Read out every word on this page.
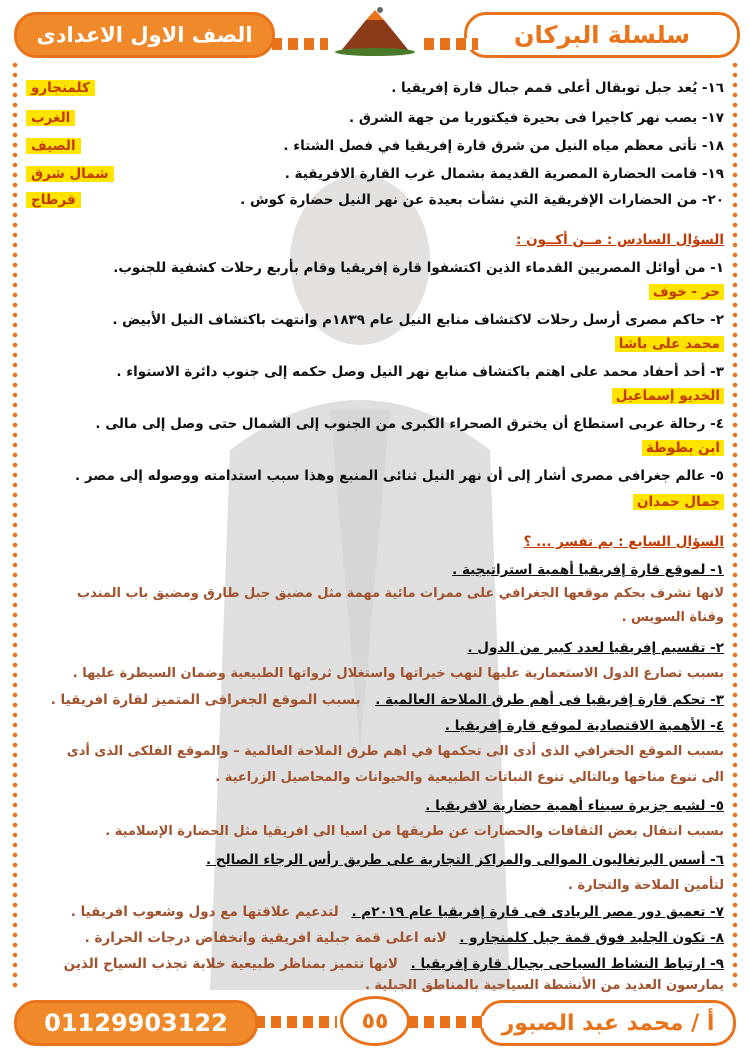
سلسلة البركان
الصف الاول الاعدادى
١٦- يُعد جبل توبقال أعلى قمم جبال قارة إفريقيا .
كلمنجارو
١٧- يصب نهر كاجيرا فى بحيرة فيكتوريا من جهة الشرق .
الغرب
١٨- تأتى معظم مياه النيل من شرق قارة إفريقيا في فصل الشتاء .
الصيف
١٩- قامت الحضارة المصرية القديمة بشمال غرب القارة الافريقية .
شمال شرق
٢٠- من الحضارات الإفريقية التي نشأت بعيدة عن نهر النيل حضارة كوش .
قرطاج
السؤال السادس : مــن أكــون :
١- من أوائل المصريين القدماء الذين اكتشفوا قارة إفريقيا وقام بأربع رحلات كشفية للجنوب.
حر - خوف
٢- حاكم مصرى أرسل رحلات لاكتشاف منابع النيل عام ١٨٣٩م وانتهت باكتشاف النيل الأبيض .
محمد على باشا
٣- أحد أحفاد محمد على اهتم باكتشاف منابع نهر النيل وصل حكمه إلى جنوب دائرة الاستواء .
الخديو إسماعيل
٤- رحالة عربى استطاع أن يخترق الصحراء الكبرى من الجنوب إلى الشمال حتى وصل إلى مالى .
ابن بطوطة
٥- عالم جغرافى مصرى أشار إلى أن نهر النيل ثنائى المنبع وهذا سبب استدامته ووصوله إلى مصر .
جمال حمدان
السؤال السابع : بم تفسر ... ؟
١- لموقع قارة إفريقيا أهمية استراتيجية .
لانها تشرف بحكم موقعها الجغرافي على ممرات مائية مهمة مثل مضيق جبل طارق ومضيق باب المندب
وقناة السويس .
٢- تقسيم إفريقيا لعدد كبير من الدول .
بسبب تصارع الدول الاستعمارية عليها لنهب خيراتها واستغلال ثرواتها الطبيعية وضمان السيطرة عليها .
٣- تحكم قارة إفريقيا فى أهم طرق الملاحة العالمية . بسبب الموقع الجغرافى المتميز لقارة افريقيا .
٤- الأهمية الاقتصادية لموقع قارة إفريقيا .
بسبب الموقع الجغرافي الذى أدى الى تحكمها في اهم طرق الملاحة العالمية – والموقع الفلكى الذى أدى
الى تنوع مناخها وبالتالي تنوع النباتات الطبيعية والحيوانات والمحاصيل الزراعية .
٥- لشبه جزيرة سيناء أهمية حضارية لافريقيا .
بسبب انتقال بعض الثقافات والحضارات عن طريقها من اسيا الى افريقيا مثل الحضارة الإسلامية .
٦- أسس البرتغاليون الموالى والمراكز التجارية على طريق رأس الرجاء الصالح .
لتأمين الملاحة والتجارة .
٧- تعميق دور مصر الريادى فى قارة إفريقيا عام ٢٠١٩م . لتدعيم علاقتها مع دول وشعوب افريقيا .
٨- تكون الجليد فوق قمة جبل كلمنجارو . لانه اعلى قمة جبلية افريقية وانخفاض درجات الحرارة .
٩- ارتباط النشاط السياحى بجبال قارة إفريقيا . لانها تتميز بمناظر طبيعية خلابة تجذب السياح الذين
يمارسون العديد من الأنشطة السياحية بالمناطق الجبلية .
أ / محمد عبد الصبور
01129903122	٥٥
